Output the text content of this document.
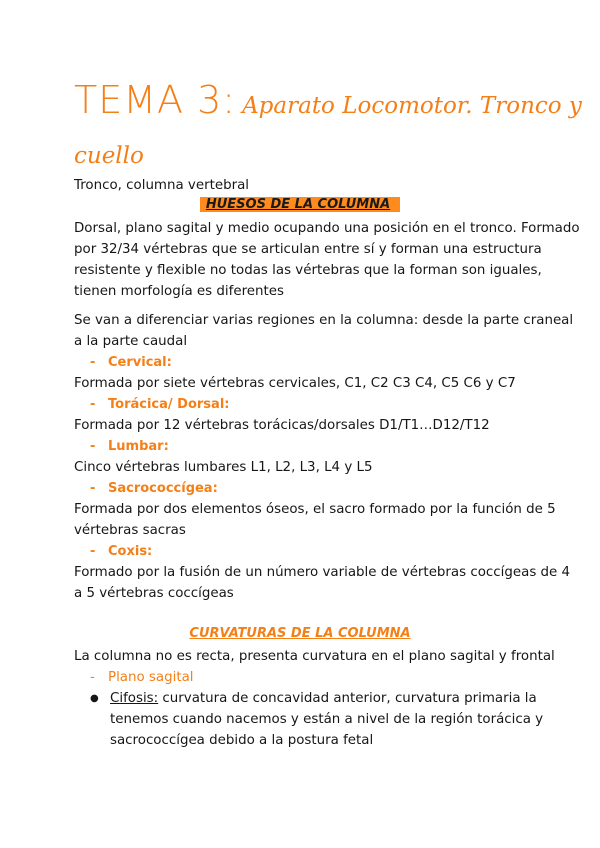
TEMA 3: Aparato Locomotor. Tronco y
cuello
Tronco, columna vertebral
HUESOS DE LA COLUMNA
Dorsal, plano sagital y medio ocupando una posición en el tronco. Formado
por 32/34 vértebras que se articulan entre sí y forman una estructura
resistente y flexible no todas las vértebras que la forman son iguales,
tienen morfología es diferentes
Se van a diferenciar varias regiones en la columna: desde la parte craneal
a la parte caudal
- Cervical:
Formada por siete vértebras cervicales, C1, C2 C3 C4, C5 C6 y C7
- Torácica/ Dorsal:
Formada por 12 vértebras torácicas/dorsales D1/T1…D12/T12
- Lumbar:
Cinco vértebras lumbares L1, L2, L3, L4 y L5
- Sacrococcígea:
Formada por dos elementos óseos, el sacro formado por la función de 5
vértebras sacras
- Coxis:
Formado por la fusión de un número variable de vértebras coccígeas de 4
a 5 vértebras coccígeas
CURVATURAS DE LA COLUMNA
La columna no es recta, presenta curvatura en el plano sagital y frontal
- Plano sagital
● Cifosis: curvatura de concavidad anterior, curvatura primaria la
tenemos cuando nacemos y están a nivel de la región torácica y
sacrococcígea debido a la postura fetal
